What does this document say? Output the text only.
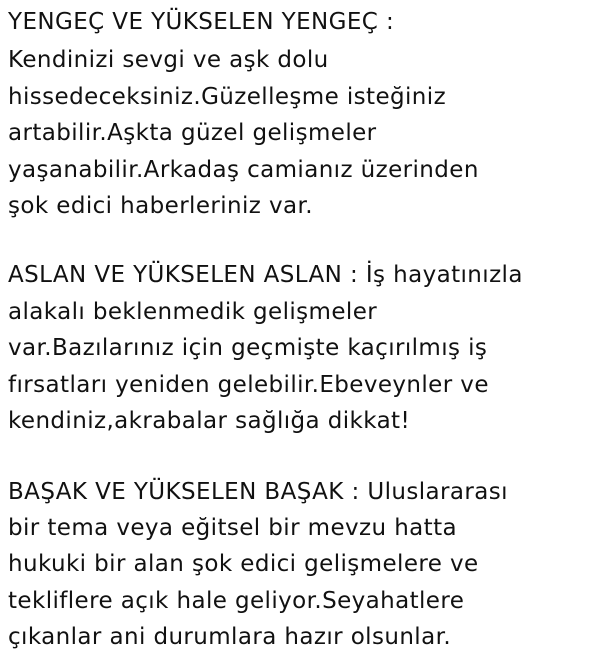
YENGEÇ VE YÜKSELEN YENGEÇ :
Kendinizi sevgi ve aşk dolu
hissedeceksiniz.Güzelleşme isteğiniz
artabilir.Aşkta güzel gelişmeler
yaşanabilir.Arkadaş camianız üzerinden
şok edici haberleriniz var.
ASLAN VE YÜKSELEN ASLAN : İş hayatınızla
alakalı beklenmedik gelişmeler
var.Bazılarınız için geçmişte kaçırılmış iş
fırsatları yeniden gelebilir.Ebeveynler ve
kendiniz,akrabalar sağlığa dikkat!
BAŞAK VE YÜKSELEN BAŞAK : Uluslararası
bir tema veya eğitsel bir mevzu hatta
hukuki bir alan şok edici gelişmelere ve
tekliflere açık hale geliyor.Seyahatlere
çıkanlar ani durumlara hazır olsunlar.
